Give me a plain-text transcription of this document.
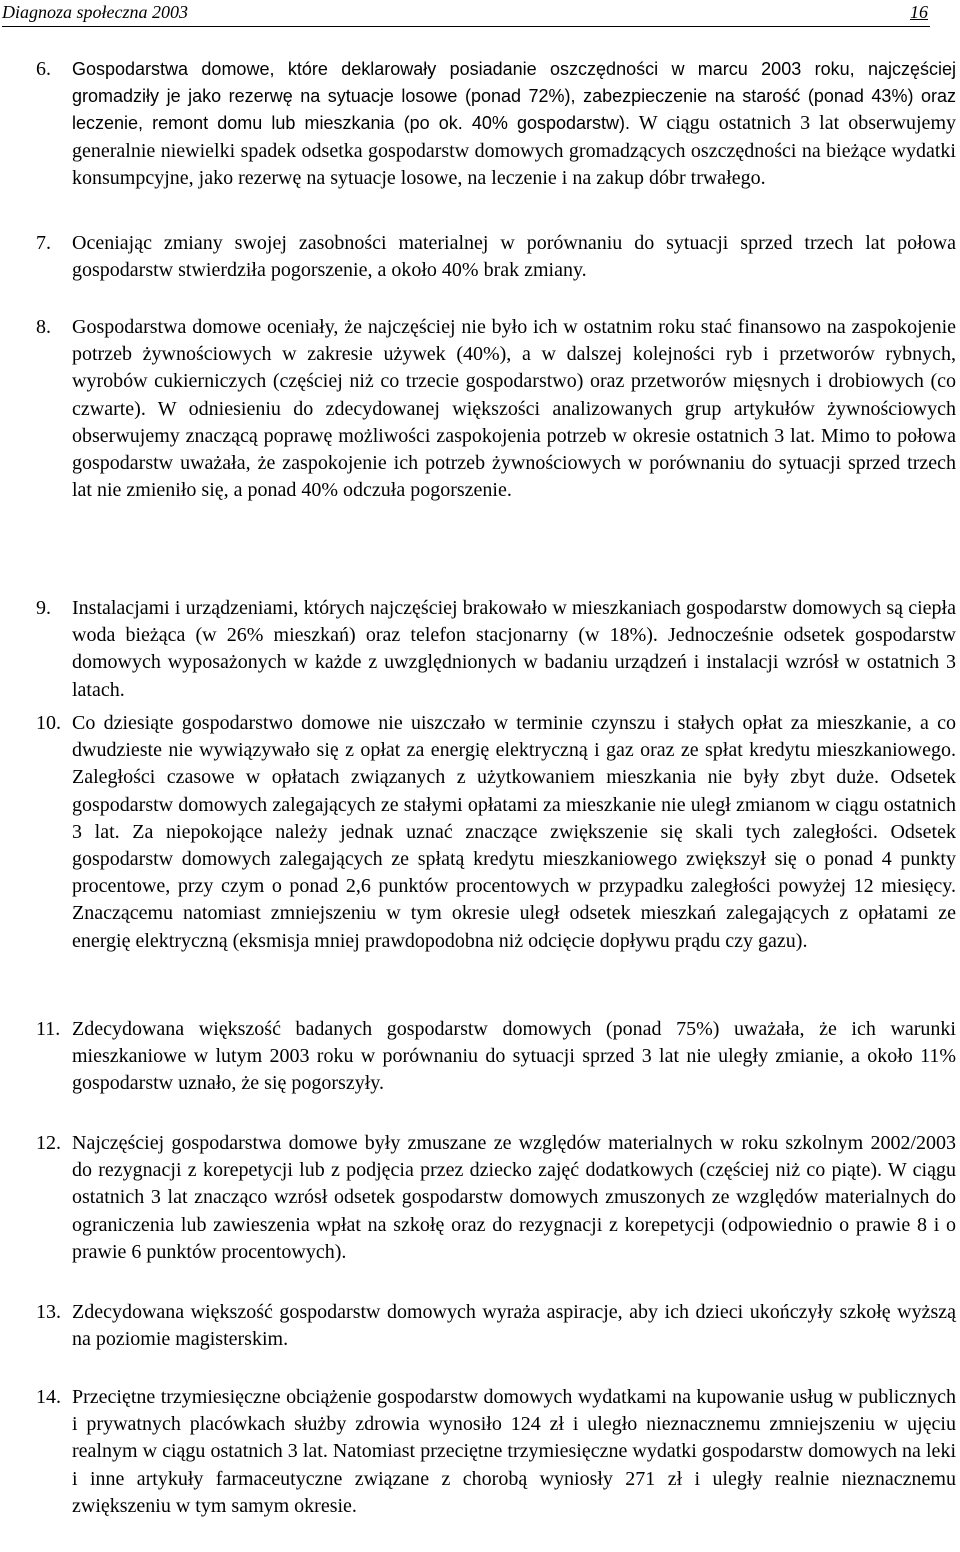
Diagnoza społeczna 2003	16
6. Gospodarstwa domowe, które deklarowały posiadanie oszczędności w marcu 2003 roku, najczęściej gromadziły je jako rezerwę na sytuacje losowe (ponad 72%), zabezpieczenie na starość (ponad 43%) oraz leczenie, remont domu lub mieszkania (po ok. 40% gospodarstw). W ciągu ostatnich 3 lat obserwujemy generalnie niewielki spadek odsetka gospodarstw domowych gromadzących oszczędności na bieżące wydatki konsumpcyjne, jako rezerwę na sytuacje losowe, na leczenie i na zakup dóbr trwałego.
7. Oceniając zmiany swojej zasobności materialnej w porównaniu do sytuacji sprzed trzech lat połowa gospodarstw stwierdziła pogorszenie, a około 40% brak zmiany.
8. Gospodarstwa domowe oceniały, że najczęściej nie było ich w ostatnim roku stać finansowo na zaspokojenie potrzeb żywnościowych w zakresie używek (40%), a w dalszej kolejności ryb i przetworów rybnych, wyrobów cukierniczych (częściej niż co trzecie gospodarstwo) oraz przetworów mięsnych i drobiowych (co czwarte). W odniesieniu do zdecydowanej większości analizowanych grup artykułów żywnościowych obserwujemy znaczącą poprawę możliwości zaspokojenia potrzeb w okresie ostatnich 3 lat. Mimo to połowa gospodarstw uważała, że zaspokojenie ich potrzeb żywnościowych w porównaniu do sytuacji sprzed trzech lat nie zmieniło się, a ponad 40% odczuła pogorszenie.
9. Instalacjami i urządzeniami, których najczęściej brakowało w mieszkaniach gospodarstw domowych są ciepła woda bieżąca (w 26% mieszkań) oraz telefon stacjonarny (w 18%). Jednocześnie odsetek gospodarstw domowych wyposażonych w każde z uwzględnionych w badaniu urządzeń i instalacji wzrósł w ostatnich 3 latach.
10. Co dziesiąte gospodarstwo domowe nie uiszczało w terminie czynszu i stałych opłat za mieszkanie, a co dwudzieste nie wywiązywało się z opłat za energię elektryczną i gaz oraz ze spłat kredytu mieszkaniowego. Zaległości czasowe w opłatach związanych z użytkowaniem mieszkania nie były zbyt duże. Odsetek gospodarstw domowych zalegających ze stałymi opłatami za mieszkanie nie uległ zmianom w ciągu ostatnich 3 lat. Za niepokojące należy jednak uznać znaczące zwiększenie się skali tych zaległości. Odsetek gospodarstw domowych zalegających ze spłatą kredytu mieszkaniowego zwiększył się o ponad 4 punkty procentowe, przy czym o ponad 2,6 punktów procentowych w przypadku zaległości powyżej 12 miesięcy. Znaczącemu natomiast zmniejszeniu w tym okresie uległ odsetek mieszkań zalegających z opłatami ze energię elektryczną (eksmisja mniej prawdopodobna niż odcięcie dopływu prądu czy gazu).
11. Zdecydowana większość badanych gospodarstw domowych (ponad 75%) uważała, że ich warunki mieszkaniowe w lutym 2003 roku w porównaniu do sytuacji sprzed 3 lat nie uległy zmianie, a około 11% gospodarstw uznało, że się pogorszyły.
12. Najczęściej gospodarstwa domowe były zmuszane ze względów materialnych w roku szkolnym 2002/2003 do rezygnacji z korepetycji lub z podjęcia przez dziecko zajęć dodatkowych (częściej niż co piąte). W ciągu ostatnich 3 lat znacząco wzrósł odsetek gospodarstw domowych zmuszonych ze względów materialnych do ograniczenia lub zawieszenia wpłat na szkołę oraz do rezygnacji z korepetycji (odpowiednio o prawie 8 i o prawie 6 punktów procentowych).
13. Zdecydowana większość gospodarstw domowych wyraża aspiracje, aby ich dzieci ukończyły szkołę wyższą na poziomie magisterskim.
14. Przeciętne trzymiesięczne obciążenie gospodarstw domowych wydatkami na kupowanie usług w publicznych i prywatnych placówkach służby zdrowia wynosiło 124 zł i uległo nieznacznemu zmniejszeniu w ujęciu realnym w ciągu ostatnich 3 lat. Natomiast przeciętne trzymiesięczne wydatki gospodarstw domowych na leki i inne artykuły farmaceutyczne związane z chorobą wyniosły 271 zł i uległy realnie nieznacznemu zwiększeniu w tym samym okresie.
